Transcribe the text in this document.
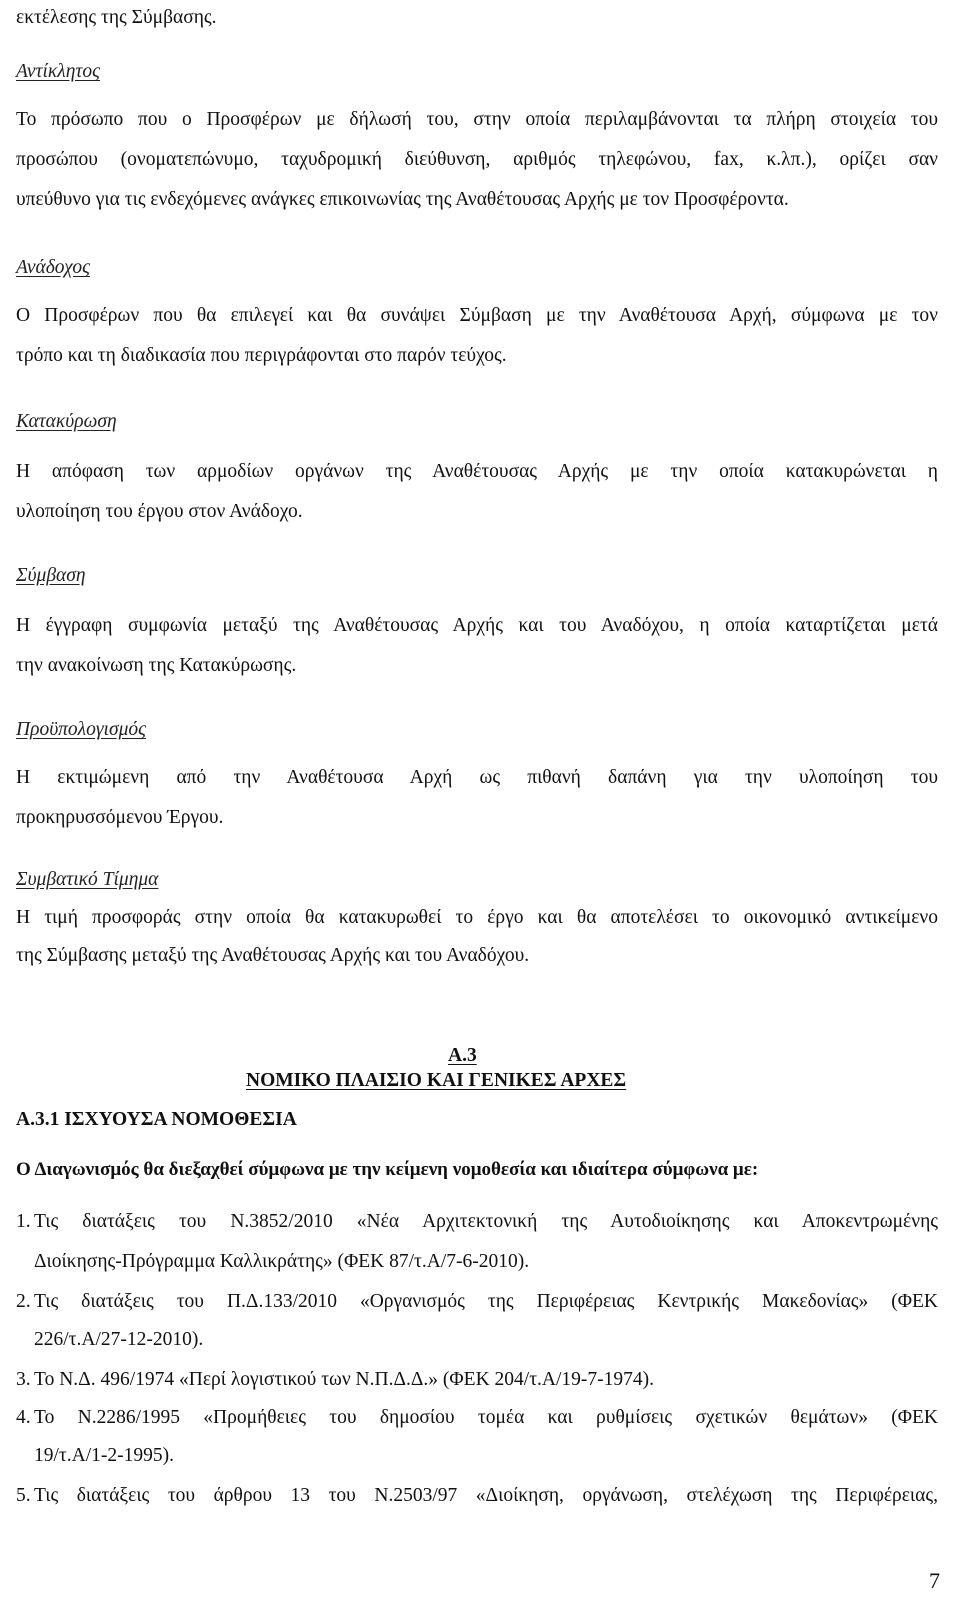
εκτέλεσης της Σύμβασης.
Αντίκλητος
Το πρόσωπο που ο Προσφέρων με δήλωσή του, στην οποία περιλαμβάνονται τα πλήρη στοιχεία του
προσώπου (ονοματεπώνυμο, ταχυδρομική διεύθυνση, αριθμός τηλεφώνου, fax, κ.λπ.), ορίζει σαν
υπεύθυνο για τις ενδεχόμενες ανάγκες επικοινωνίας της Αναθέτουσας Αρχής με τον Προσφέροντα.
Ανάδοχος
Ο Προσφέρων που θα επιλεγεί και θα συνάψει Σύμβαση με την Αναθέτουσα Αρχή, σύμφωνα με τον
τρόπο και τη διαδικασία που περιγράφονται στο παρόν τεύχος.
Κατακύρωση
Η απόφαση των αρμοδίων οργάνων της Αναθέτουσας Αρχής με την οποία κατακυρώνεται η
υλοποίηση του έργου στον Ανάδοχο.
Σύμβαση
Η έγγραφη συμφωνία μεταξύ της Αναθέτουσας Αρχής και του Αναδόχου, η οποία καταρτίζεται μετά
την ανακοίνωση της Κατακύρωσης.
Προϋπολογισμός
Η εκτιμώμενη από την Αναθέτουσα Αρχή ως πιθανή δαπάνη για την υλοποίηση του
προκηρυσσόμενου Έργου.
Συμβατικό Τίμημα
Η τιμή προσφοράς στην οποία θα κατακυρωθεί το έργο και θα αποτελέσει το οικονομικό αντικείμενο
της Σύμβασης μεταξύ της Αναθέτουσας Αρχής και του Αναδόχου.
Α.3
ΝΟΜΙΚΟ ΠΛΑΙΣΙΟ ΚΑΙ ΓΕΝΙΚΕΣ ΑΡΧΕΣ
Α.3.1 ΙΣΧΥΟΥΣΑ ΝΟΜΟΘΕΣΙΑ
Ο Διαγωνισμός θα διεξαχθεί σύμφωνα με την κείμενη νομοθεσία και ιδιαίτερα σύμφωνα με:
1. Τις διατάξεις του Ν.3852/2010 «Νέα Αρχιτεκτονική της Αυτοδιοίκησης και Αποκεντρωμένης
Διοίκησης-Πρόγραμμα Καλλικράτης» (ΦΕΚ 87/τ.Α/7-6-2010).
2. Τις διατάξεις του Π.Δ.133/2010 «Οργανισμός της Περιφέρειας Κεντρικής Μακεδονίας» (ΦΕΚ
226/τ.Α/27-12-2010).
3. Το Ν.Δ. 496/1974 «Περί λογιστικού των Ν.Π.Δ.Δ.» (ΦΕΚ 204/τ.Α/19-7-1974).
4. Το Ν.2286/1995 «Προμήθειες του δημοσίου τομέα και ρυθμίσεις σχετικών θεμάτων» (ΦΕΚ
19/τ.Α/1-2-1995).
5. Τις διατάξεις του άρθρου 13 του Ν.2503/97 «Διοίκηση, οργάνωση, στελέχωση της Περιφέρειας,
7
